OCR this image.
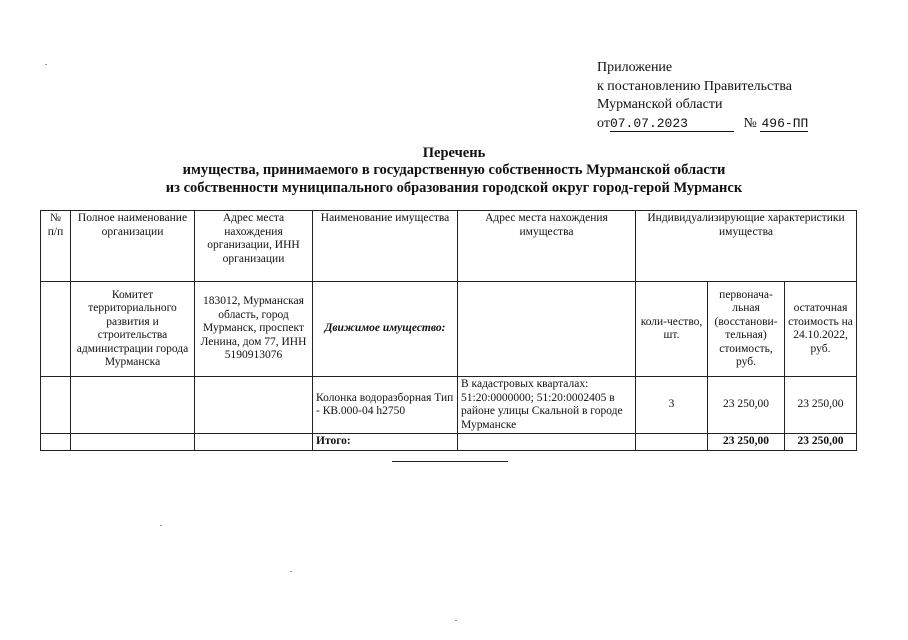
Приложение
к постановлению Правительства
Мурманской области
от07.07.2023	№ 496-ПП
Перечень
имущества, принимаемого в государственную собственность Мурманской области
из собственности муниципального образования городской округ город-герой Мурманск
№ п/п	Полное наименование организации	Адрес места нахождения организации, ИНН организации	Наименование имущества	Адрес места нахождения имущества	Индивидуализирующие характеристики имущества		
	Комитет территориального развития и строительства администрации города Мурманска	183012, Мурманская область, город Мурманск, проспект Ленина, дом 77, ИНН 5190913076	Движимое имущество:		коли-чество, шт.	первонача-льная (восстанови-тельная) стоимость, руб.	остаточная стоимость на 24.10.2022, руб.
			Колонка водоразборная Тип - КВ.000-04 h2750	В кадастровых кварталах: 51:20:0000000; 51:20:0002405 в районе улицы Скальной в городе Мурманске	3	23 250,00	23 250,00
			Итого:			23 250,00	23 250,00
